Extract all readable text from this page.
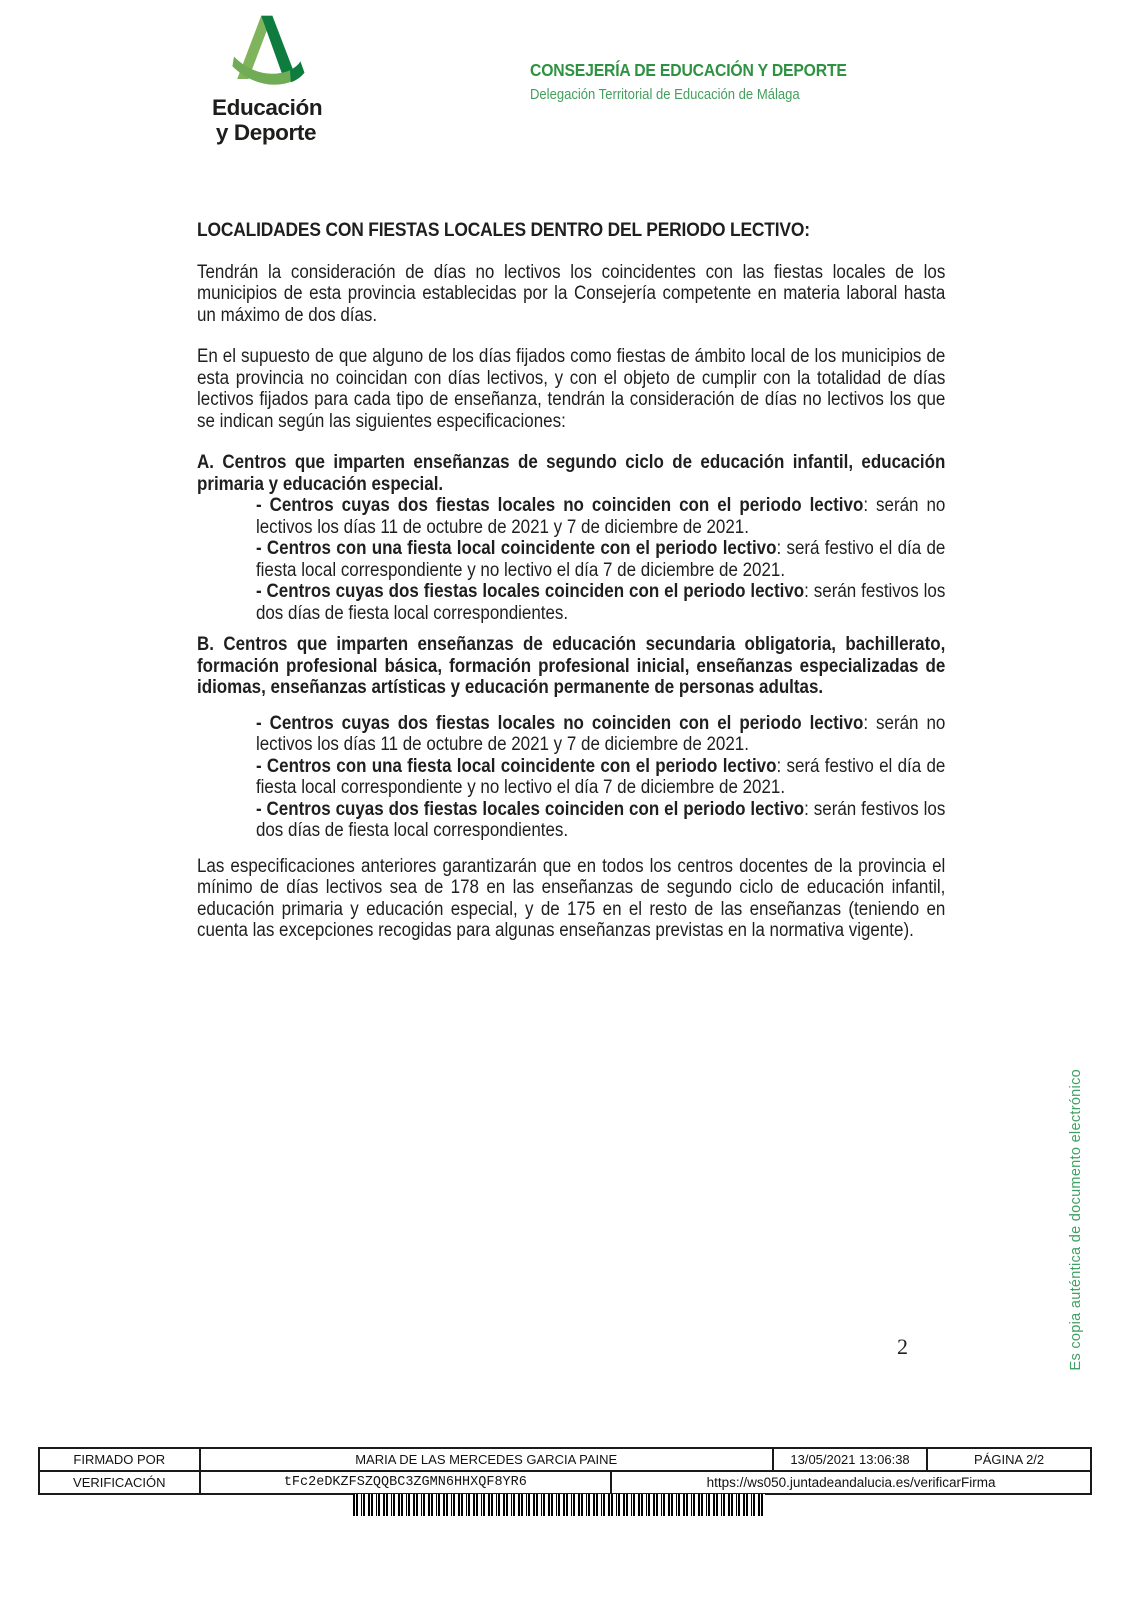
Educación
y Deporte
CONSEJERÍA DE EDUCACIÓN Y DEPORTE
Delegación Territorial de Educación de Málaga
LOCALIDADES CON FIESTAS LOCALES DENTRO DEL PERIODO LECTIVO:

Tendrán la consideración de días no lectivos los coincidentes con las fiestas locales de los municipios de esta provincia establecidas por la Consejería competente en materia laboral hasta un máximo de dos días.

En el supuesto de que alguno de los días fijados como fiestas de ámbito local de los municipios de esta provincia no coincidan con días lectivos, y con el objeto de cumplir con la totalidad de días lectivos fijados para cada tipo de enseñanza, tendrán la consideración de días no lectivos los que se indican según las siguientes especificaciones:

A. Centros que imparten enseñanzas de segundo ciclo de educación infantil, educación primaria y educación especial.
- Centros cuyas dos fiestas locales no coinciden con el periodo lectivo: serán no lectivos los días 11 de octubre de 2021 y 7 de diciembre de 2021.
- Centros con una fiesta local coincidente con el periodo lectivo: será festivo el día de fiesta local correspondiente y no lectivo el día 7 de diciembre de 2021.
- Centros cuyas dos fiestas locales coinciden con el periodo lectivo: serán festivos los dos días de fiesta local correspondientes.
B. Centros que imparten enseñanzas de educación secundaria obligatoria, bachillerato, formación profesional básica, formación profesional inicial, enseñanzas especializadas de idiomas, enseñanzas artísticas y educación permanente de personas adultas.
- Centros cuyas dos fiestas locales no coinciden con el periodo lectivo: serán no lectivos los días 11 de octubre de 2021 y 7 de diciembre de 2021.
- Centros con una fiesta local coincidente con el periodo lectivo: será festivo el día de fiesta local correspondiente y no lectivo el día 7 de diciembre de 2021.
- Centros cuyas dos fiestas locales coinciden con el periodo lectivo: serán festivos los dos días de fiesta local correspondientes.

Las especificaciones anteriores garantizarán que en todos los centros docentes de la provincia el mínimo de días lectivos sea de 178 en las enseñanzas de segundo ciclo de educación infantil, educación primaria y educación especial, y de 175 en el resto de las enseñanzas (teniendo en cuenta las excepciones recogidas para algunas enseñanzas previstas en la normativa vigente).

2	Es copia auténtica de documento electrónico
FIRMADO POR	MARIA DE LAS MERCEDES GARCIA PAINE	13/05/2021 13:06:38	PÁGINA 2/2
VERIFICACIÓN	tFc2eDKZFSZQQBC3ZGMN6HHXQF8YR6	https://ws050.juntadeandalucia.es/verificarFirma
